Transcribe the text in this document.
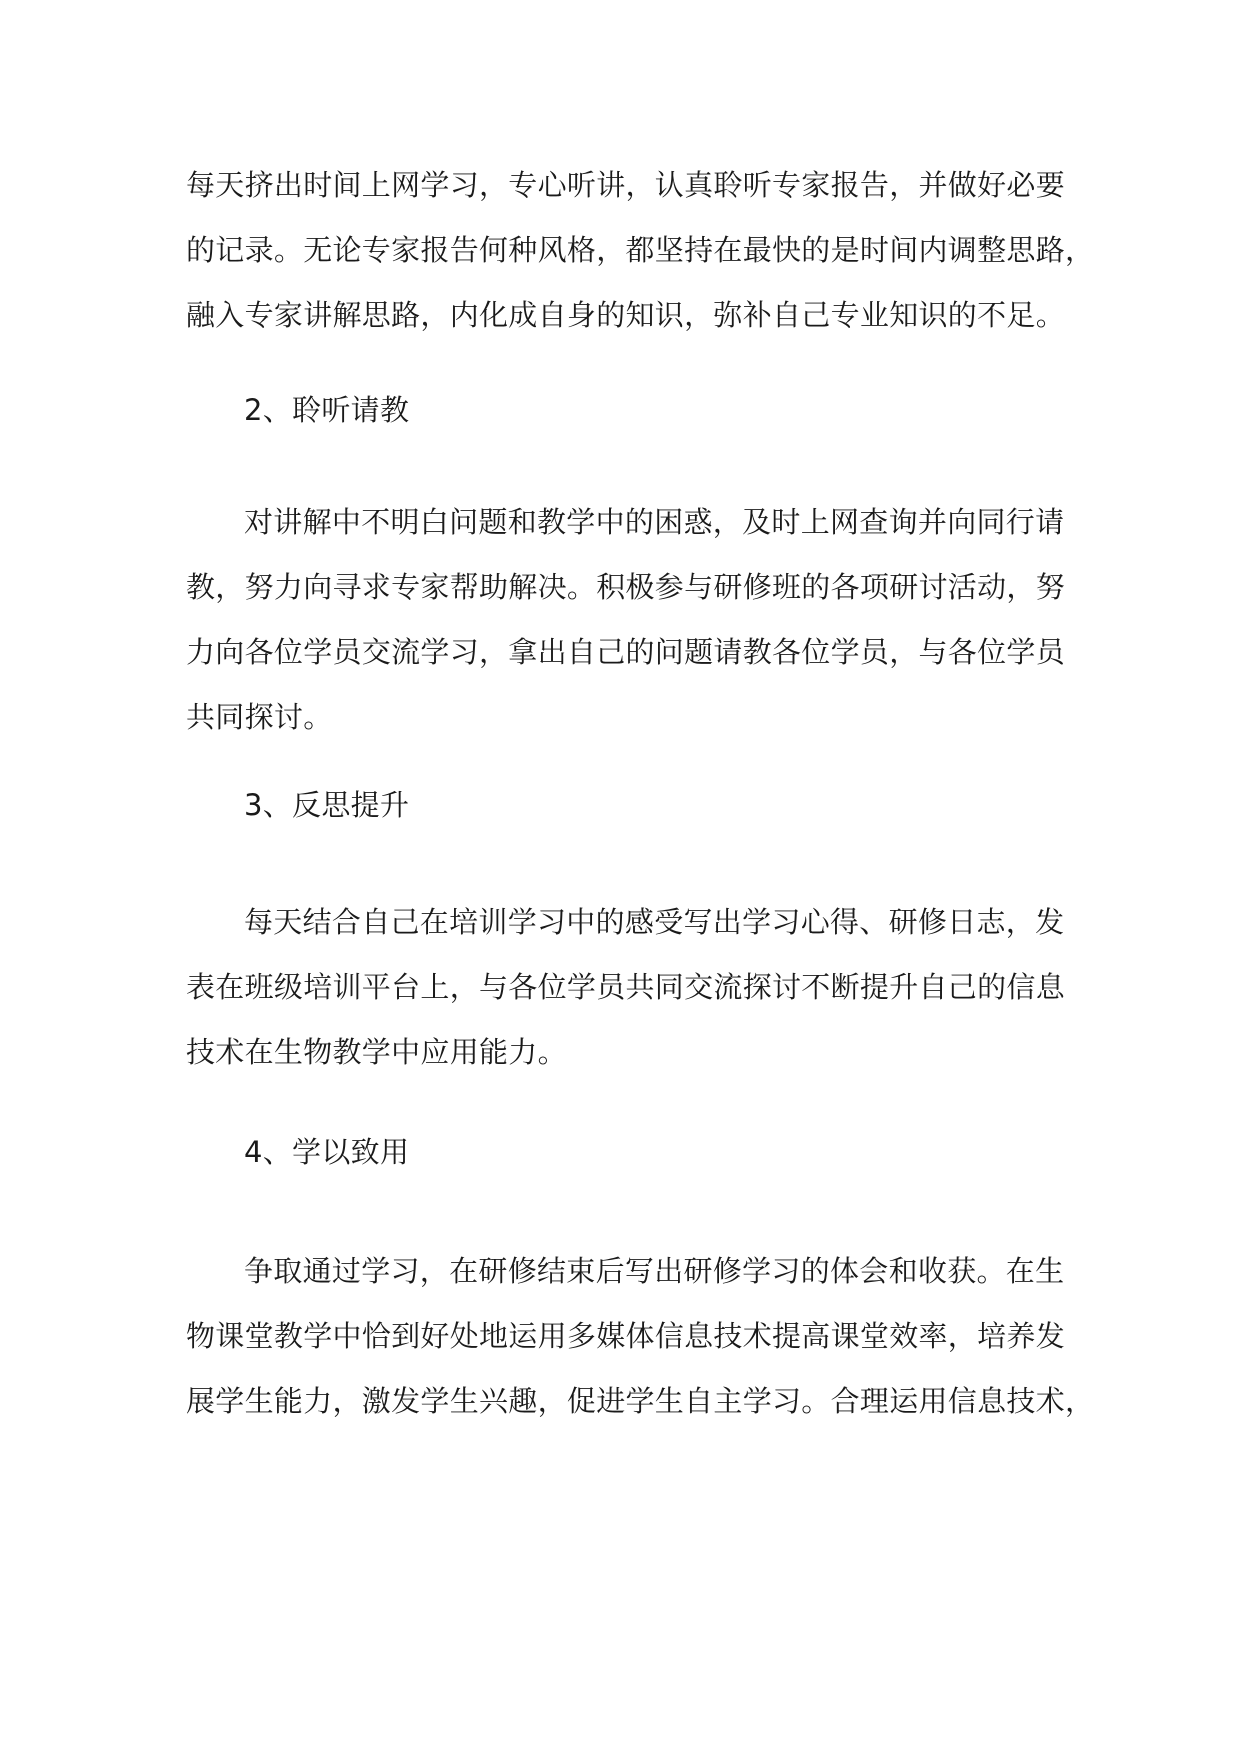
每天挤出时间上网学习，专心听讲，认真聆听专家报告，并做好必要
的记录。无论专家报告何种风格，都坚持在最快的是时间内调整思路，
融入专家讲解思路，内化成自身的知识，弥补自己专业知识的不足。

2、聆听请教

对讲解中不明白问题和教学中的困惑，及时上网查询并向同行请
教，努力向寻求专家帮助解决。积极参与研修班的各项研讨活动，努
力向各位学员交流学习，拿出自己的问题请教各位学员，与各位学员
共同探讨。

3、反思提升

每天结合自己在培训学习中的感受写出学习心得、研修日志，发
表在班级培训平台上，与各位学员共同交流探讨不断提升自己的信息
技术在生物教学中应用能力。

4、学以致用

争取通过学习，在研修结束后写出研修学习的体会和收获。在生
物课堂教学中恰到好处地运用多媒体信息技术提高课堂效率，培养发
展学生能力，激发学生兴趣，促进学生自主学习。合理运用信息技术，
